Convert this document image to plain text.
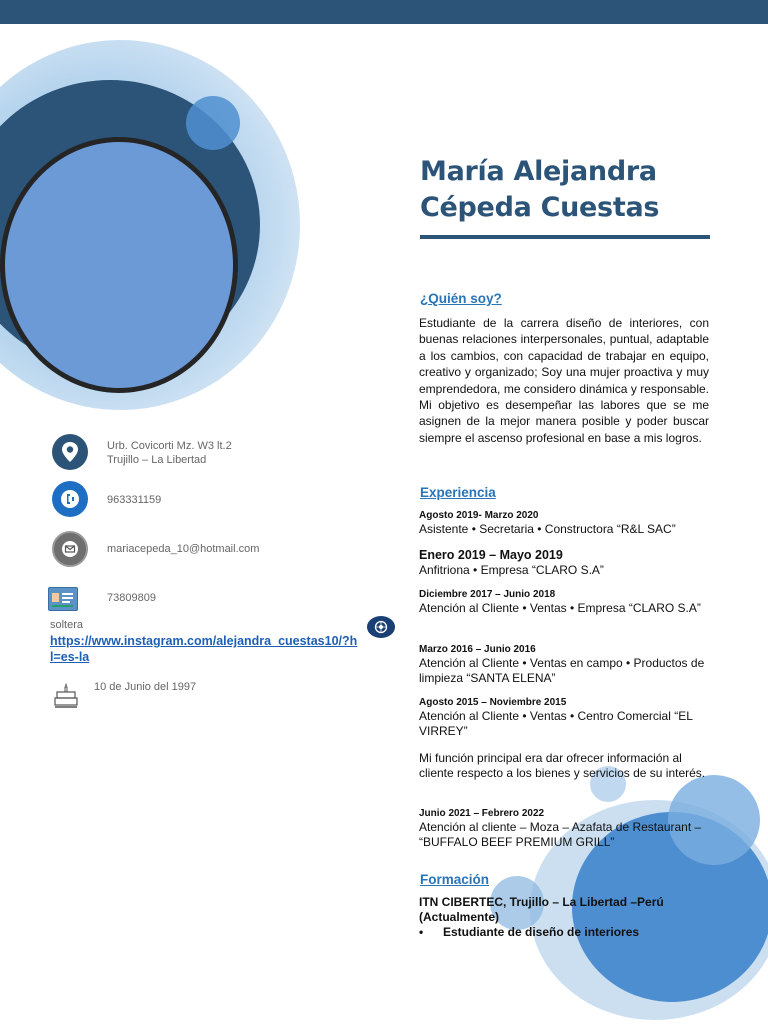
María Alejandra
Cépeda Cuestas
¿Quién soy?
Estudiante de la carrera diseño de interiores, con buenas relaciones interpersonales, puntual, adaptable a los cambios, con capacidad de trabajar en equipo, creativo y organizado; Soy una mujer proactiva y muy emprendedora, me considero dinámica y responsable. Mi objetivo es desempeñar las labores que se me asignen de la mejor manera posible y poder buscar siempre el ascenso profesional en base a mis logros.
Experiencia
Agosto 2019- Marzo 2020
Asistente • Secretaria • Constructora “R&L SAC”
Enero 2019 – Mayo 2019
Anfitriona • Empresa “CLARO S.A”
Diciembre 2017 – Junio 2018
Atención al Cliente • Ventas • Empresa “CLARO S.A”
Marzo 2016 – Junio 2016
Atención al Cliente • Ventas en campo • Productos de limpieza “SANTA ELENA”
Agosto 2015 – Noviembre 2015
Atención al Cliente • Ventas • Centro Comercial “EL VIRREY”
Mi función principal era dar ofrecer información al cliente respecto a los bienes y servicios de su interés.
Junio 2021 – Febrero 2022
Atención al cliente – Moza – Azafata de Restaurant – “BUFFALO BEEF PREMIUM GRILL”
Formación
ITN CIBERTEC, Trujillo – La Libertad –Perú (Actualmente)
• Estudiante de diseño de interiores
Urb. Covicorti Mz. W3 lt.2
Trujillo – La Libertad
963331159
mariacepeda_10@hotmail.com
73809809
soltera
https://www.instagram.com/alejandra_cuestas10/?hl=es-la
10 de Junio del 1997
